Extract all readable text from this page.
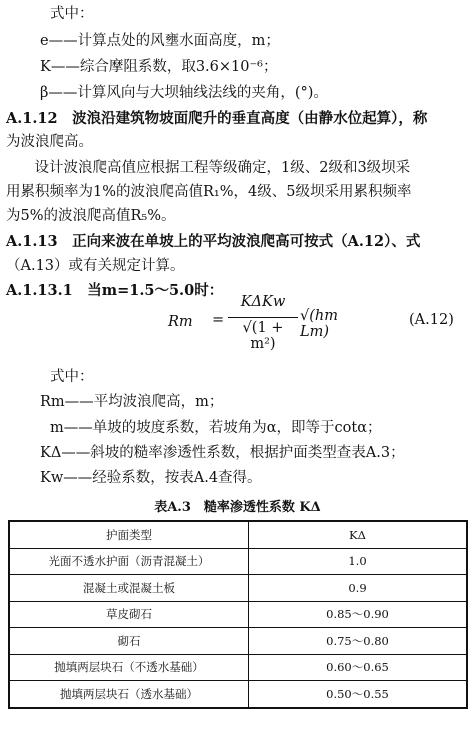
式中：
e——计算点处的风壅水面高度，m；
K——综合摩阻系数，取3.6×10⁻⁶；
β——计算风向与大坝轴线法线的夹角，(°)。
A.1.12　波浪沿建筑物坡面爬升的垂直高度（由静水位起算），称
为波浪爬高。
　设计波浪爬高值应根据工程等级确定，1级、2级和3级坝采
用累积频率为1%的波浪爬高值R₁%，4级、5级坝采用累积频率
为5%的波浪爬高值R₅%。
A.1.13　正向来波在单坡上的平均波浪爬高可按式（A.12）、式
（A.13）或有关规定计算。
A.1.13.1　当m=1.5～5.0时：
Rm =
KΔKw
√(1 + m²)
√(hm Lm)
(A.12)
式中：
Rm——平均波浪爬高，m；
m——单坡的坡度系数，若坡角为α，即等于cotα；
KΔ——斜坡的糙率渗透性系数，根据护面类型查表A.3；
Kw——经验系数，按表A.4查得。
表A.3　糙率渗透性系数 KΔ
护面类型	KΔ
光面不透水护面（沥青混凝土）	1.0
混凝土或混凝土板	0.9
草皮砌石	0.85～0.90
砌石	0.75～0.80
抛填两层块石（不透水基础）	0.60～0.65
抛填两层块石（透水基础）	0.50～0.55
